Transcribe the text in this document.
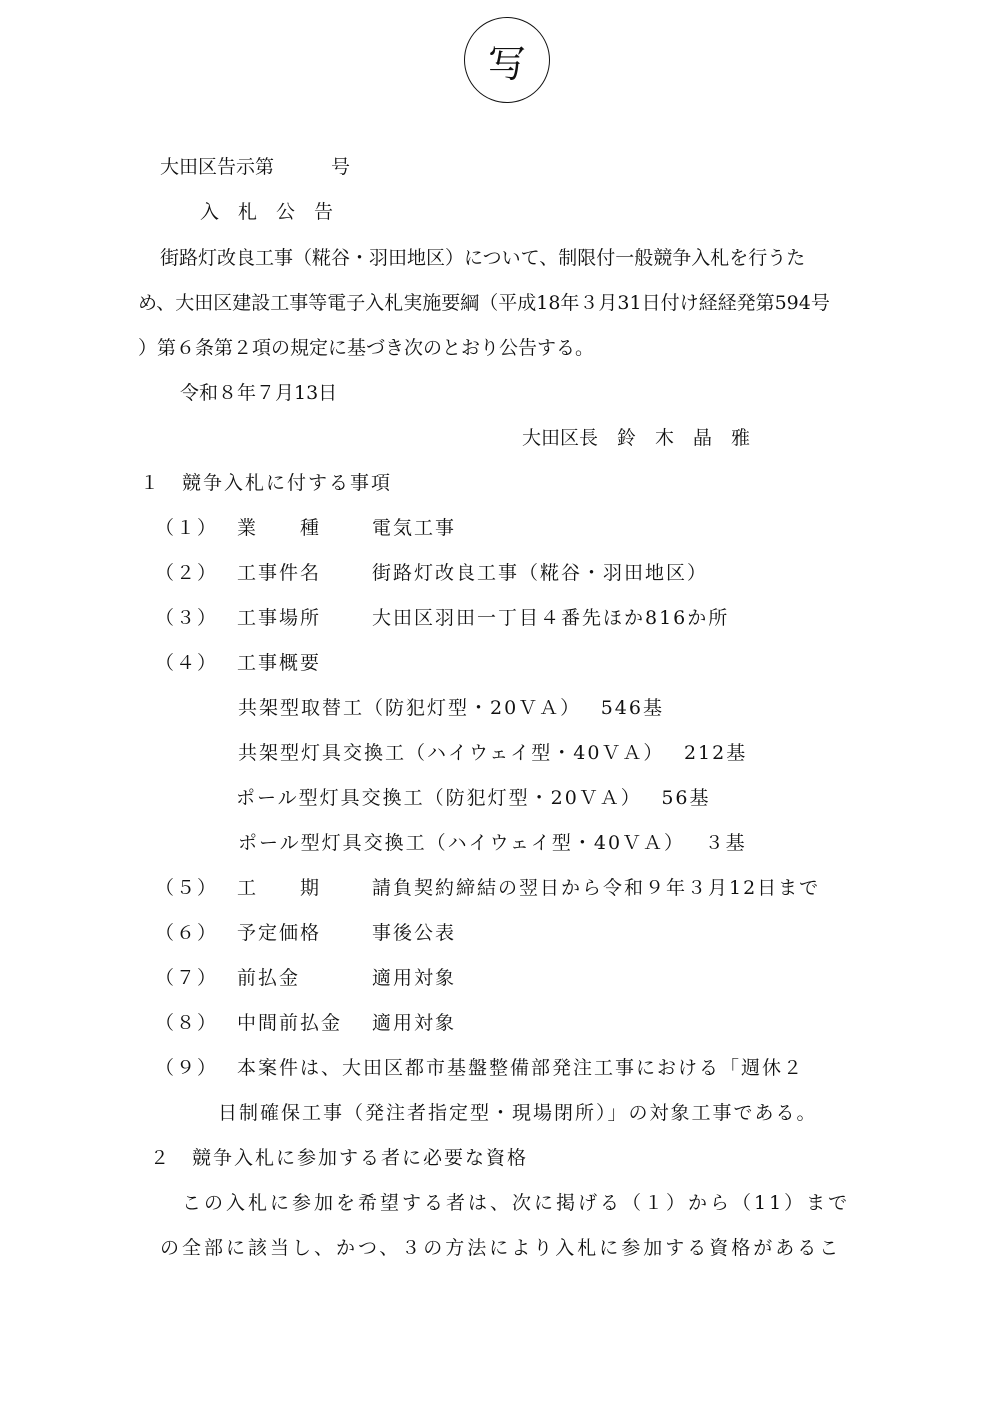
写
大田区告示第　　　号
入　札　公　告
街路灯改良工事（糀谷・羽田地区）について、制限付一般競争入札を行うた
め、大田区建設工事等電子入札実施要綱（平成18年３月31日付け経経発第594号
）第６条第２項の規定に基づき次のとおり公告する。
令和８年７月13日
大田区長　鈴　木　晶　雅
１　競争入札に付する事項
（１） 業　　種	電気工事
（２） 工事件名	街路灯改良工事（糀谷・羽田地区）
（３） 工事場所	大田区羽田一丁目４番先ほか816か所
（４） 工事概要
共架型取替工（防犯灯型・20ＶＡ）　 546基
共架型灯具交換工（ハイウェイ型・40ＶＡ）　 212基
ポール型灯具交換工（防犯灯型・20ＶＡ）　 56基
ポール型灯具交換工（ハイウェイ型・40ＶＡ）　 ３基
（５） 工　　期	請負契約締結の翌日から令和９年３月12日まで
（６） 予定価格	事後公表
（７） 前払金	適用対象
（８） 中間前払金 適用対象
（９） 本案件は、大田区都市基盤整備部発注工事における「週休２
日制確保工事（発注者指定型・現場閉所）」の対象工事である。
２　競争入札に参加する者に必要な資格
この入札に参加を希望する者は、次に掲げる（１）から（11）まで
の全部に該当し、かつ、３の方法により入札に参加する資格があるこ
